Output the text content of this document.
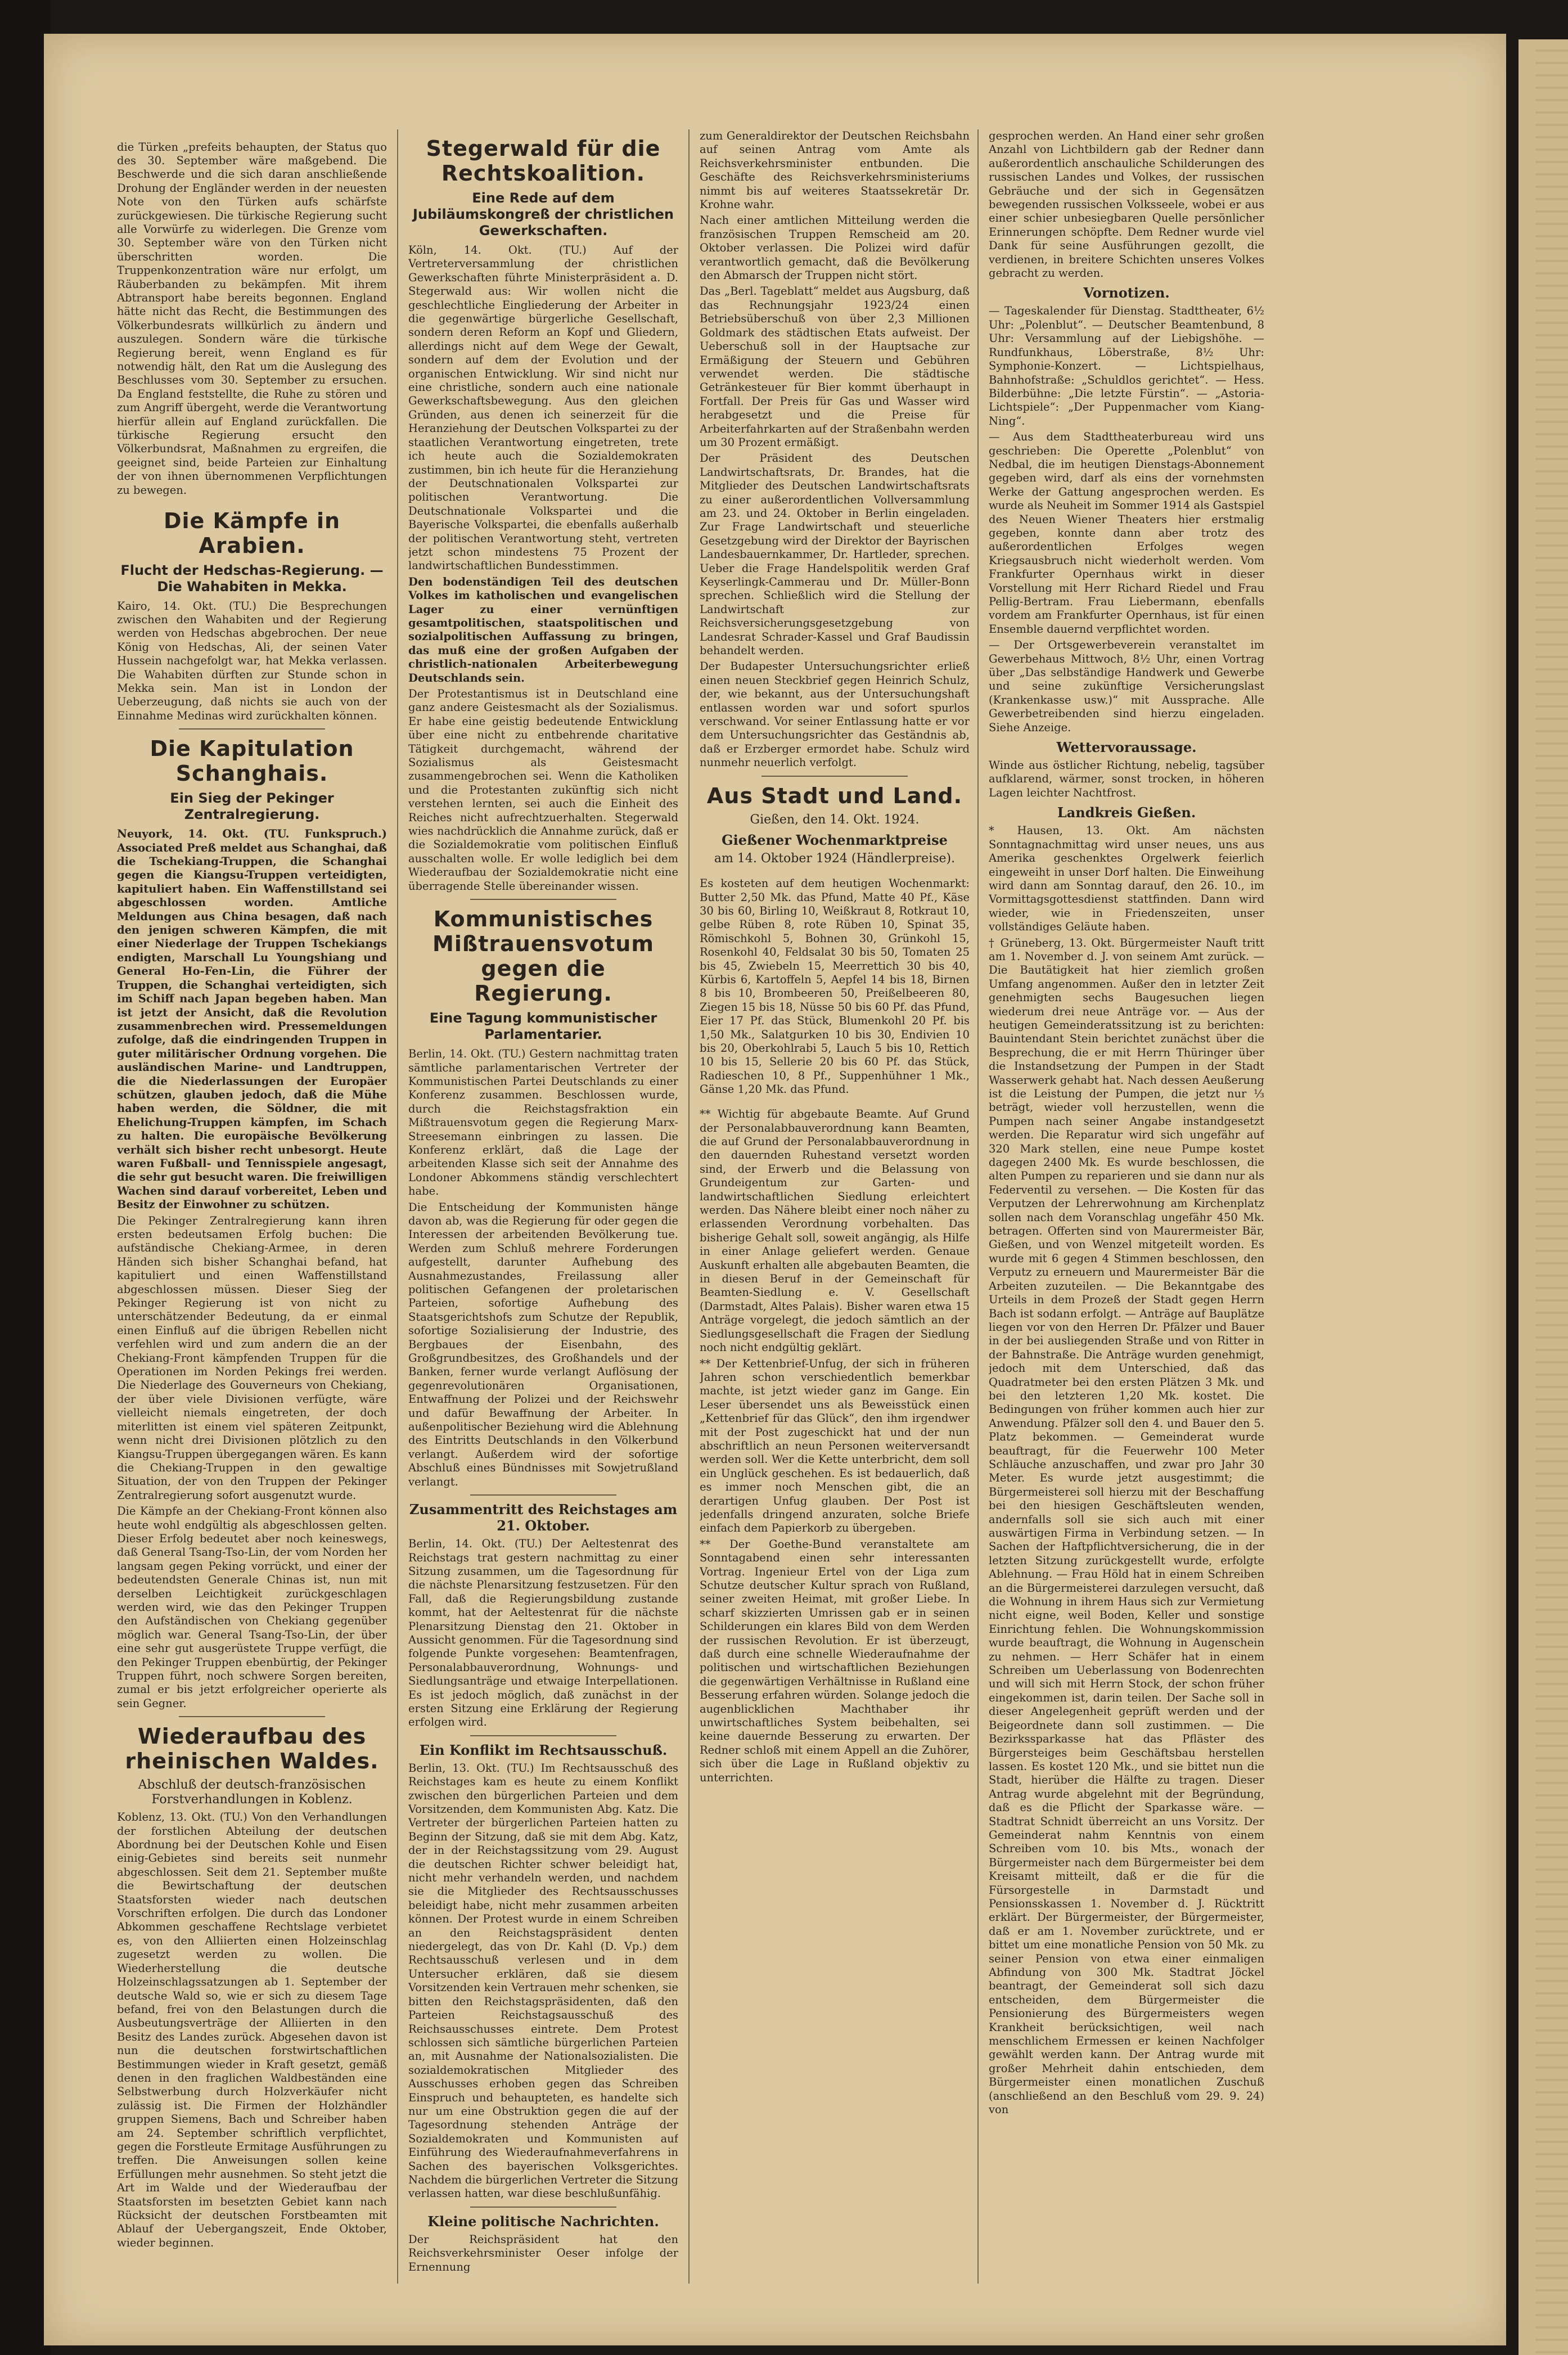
die Türken „prefeits behaupten, der Status quo des 30. September wäre maßgebend. Die Beschwerde und die sich daran anschließende Drohung der Engländer werden in der neuesten Note von den Türken aufs schärfste zurückgewiesen. Die türkische Regierung sucht alle Vorwürfe zu widerlegen. Die Grenze vom 30. September wäre von den Türken nicht überschritten worden. Die Truppenkonzentration wäre nur erfolgt, um Räuberbanden zu bekämpfen. Mit ihrem Abtransport habe bereits begonnen. England hätte nicht das Recht, die Bestimmungen des Völkerbundesrats willkürlich zu ändern und auszulegen. Sondern wäre die türkische Regierung bereit, wenn England es für notwendig hält, den Rat um die Auslegung des Beschlusses vom 30. September zu ersuchen. Da England feststellte, die Ruhe zu stören und zum Angriff übergeht, werde die Verantwortung hierfür allein auf England zurückfallen. Die türkische Regierung ersucht den Völkerbundsrat, Maßnahmen zu ergreifen, die geeignet sind, beide Parteien zur Einhaltung der von ihnen übernommenen Verpflichtungen zu bewegen.

Die Kämpfe in Arabien.
Flucht der Hedschas-Regierung. — Die Wahabiten in Mekka.

Kairo, 14. Okt. (TU.) Die Besprechungen zwischen den Wahabiten und der Regierung werden von Hedschas abgebrochen. Der neue König von Hedschas, Ali, der seinen Vater Hussein nachgefolgt war, hat Mekka verlassen. Die Wahabiten dürften zur Stunde schon in Mekka sein. Man ist in London der Ueberzeugung, daß nichts sie auch von der Einnahme Medinas wird zurückhalten können.

Die Kapitulation Schanghais.
Ein Sieg der Pekinger Zentralregierung.

Neuyork, 14. Okt. (TU. Funkspruch.) Associated Preß meldet aus Schanghai, daß die Tschekiang-Truppen, die Schanghai gegen die Kiangsu-Truppen verteidigten, kapituliert haben. Ein Waffenstillstand sei abgeschlossen worden. Amtliche Meldungen aus China besagen, daß nach den jenigen schweren Kämpfen, die mit einer Niederlage der Truppen Tschekiangs endigten, Marschall Lu Youngshiang und General Ho-Fen-Lin, die Führer der Truppen, die Schanghai verteidigten, sich im Schiff nach Japan begeben haben. Man ist jetzt der Ansicht, daß die Revolution zusammenbrechen wird. Pressemeldungen zufolge, daß die eindringenden Truppen in guter militärischer Ordnung vorgehen. Die ausländischen Marine- und Landtruppen, die die Niederlassungen der Europäer schützen, glauben jedoch, daß die Mühe haben werden, die Söldner, die mit Ehelichung-Truppen kämpfen, im Schach zu halten. Die europäische Bevölkerung verhält sich bisher recht unbesorgt. Heute waren Fußball- und Tennisspiele angesagt, die sehr gut besucht waren. Die freiwilligen Wachen sind darauf vorbereitet, Leben und Besitz der Einwohner zu schützen.

Die Pekinger Zentralregierung kann ihren ersten bedeutsamen Erfolg buchen: Die aufständische Chekiang-Armee, in deren Händen sich bisher Schanghai befand, hat kapituliert und einen Waffenstillstand abgeschlossen müssen. Dieser Sieg der Pekinger Regierung ist von nicht zu unterschätzender Bedeutung, da er einmal einen Einfluß auf die übrigen Rebellen nicht verfehlen wird und zum andern die an der Chekiang-Front kämpfenden Truppen für die Operationen im Norden Pekings frei werden. Die Niederlage des Gouverneurs von Chekiang, der über viele Divisionen verfügte, wäre vielleicht niemals eingetreten, der doch miterlitten ist einem viel späteren Zeitpunkt, wenn nicht drei Divisionen plötzlich zu den Kiangsu-Truppen übergegangen wären. Es kann die Chekiang-Truppen in den gewaltige Situation, der von den Truppen der Pekinger Zentralregierung sofort ausgenutzt wurde.

Die Kämpfe an der Chekiang-Front können also heute wohl endgültig als abgeschlossen gelten. Dieser Erfolg bedeutet aber noch keineswegs, daß General Tsang-Tso-Lin, der vom Norden her langsam gegen Peking vorrückt, und einer der bedeutendsten Generale Chinas ist, nun mit derselben Leichtigkeit zurückgeschlagen werden wird, wie das den Pekinger Truppen den Aufständischen von Chekiang gegenüber möglich war. General Tsang-Tso-Lin, der über eine sehr gut ausgerüstete Truppe verfügt, die den Pekinger Truppen ebenbürtig, der Pekinger Truppen führt, noch schwere Sorgen bereiten, zumal er bis jetzt erfolgreicher operierte als sein Gegner.

Wiederaufbau des rheinischen Waldes.
Abschluß der deutsch-französischen Forstverhandlungen in Koblenz.

Koblenz, 13. Okt. (TU.) Von den Verhandlungen der forstlichen Abteilung der deutschen Abordnung bei der Deutschen Kohle und Eisen einig-Gebietes sind bereits seit nunmehr abgeschlossen. Seit dem 21. September mußte die Bewirtschaftung der deutschen Staatsforsten wieder nach deutschen Vorschriften erfolgen. Die durch das Londoner Abkommen geschaffene Rechtslage verbietet es, von den Alliierten einen Holzeinschlag zugesetzt werden zu wollen. Die Wiederherstellung die deutsche Holzeinschlagssatzungen ab 1. September der deutsche Wald so, wie er sich zu diesem Tage befand, frei von den Belastungen durch die Ausbeutungsverträge der Alliierten in den Besitz des Landes zurück. Abgesehen davon ist nun die deutschen forstwirtschaftlichen Bestimmungen wieder in Kraft gesetzt, gemäß denen in den fraglichen Waldbeständen eine Selbstwerbung durch Holzverkäufer nicht zulässig ist. Die Firmen der Holzhändler gruppen Siemens, Bach und Schreiber haben am 24. September schriftlich verpflichtet, gegen die Forstleute Ermitage Ausführungen zu treffen. Die Anweisungen sollen keine Erfüllungen mehr ausnehmen. So steht jetzt die Art im Walde und der Wiederaufbau der Staatsforsten im besetzten Gebiet kann nach Rücksicht der deutschen Forstbeamten mit Ablauf der Uebergangszeit, Ende Oktober, wieder beginnen.

Stegerwald für die Rechtskoalition.
Eine Rede auf dem Jubiläumskongreß der christlichen Gewerkschaften.

Köln, 14. Okt. (TU.) Auf der Vertreterversammlung der christlichen Gewerkschaften führte Ministerpräsident a. D. Stegerwald aus: Wir wollen nicht die geschlechtliche Eingliederung der Arbeiter in die gegenwärtige bürgerliche Gesellschaft, sondern deren Reform an Kopf und Gliedern, allerdings nicht auf dem Wege der Gewalt, sondern auf dem der Evolution und der organischen Entwicklung. Wir sind nicht nur eine christliche, sondern auch eine nationale Gewerkschaftsbewegung. Aus den gleichen Gründen, aus denen ich seinerzeit für die Heranziehung der Deutschen Volkspartei zu der staatlichen Verantwortung eingetreten, trete ich heute auch die Sozialdemokraten zustimmen, bin ich heute für die Heranziehung der Deutschnationalen Volkspartei zur politischen Verantwortung. Die Deutschnationale Volkspartei und die Bayerische Volkspartei, die ebenfalls außerhalb der politischen Verantwortung steht, vertreten jetzt schon mindestens 75 Prozent der landwirtschaftlichen Bundesstimmen.

Den bodenständigen Teil des deutschen Volkes im katholischen und evangelischen Lager zu einer vernünftigen gesamtpolitischen, staatspolitischen und sozialpolitischen Auffassung zu bringen, das muß eine der großen Aufgaben der christlich-nationalen Arbeiterbewegung Deutschlands sein.

Der Protestantismus ist in Deutschland eine ganz andere Geistesmacht als der Sozialismus. Er habe eine geistig bedeutende Entwicklung über eine nicht zu entbehrende charitative Tätigkeit durchgemacht, während der Sozialismus als Geistesmacht zusammengebrochen sei. Wenn die Katholiken und die Protestanten zukünftig sich nicht verstehen lernten, sei auch die Einheit des Reiches nicht aufrechtzuerhalten. Stegerwald wies nachdrücklich die Annahme zurück, daß er die Sozialdemokratie vom politischen Einfluß ausschalten wolle. Er wolle lediglich bei dem Wiederaufbau der Sozialdemokratie nicht eine überragende Stelle übereinander wissen.

Kommunistisches Mißtrauensvotum gegen die Regierung.
Eine Tagung kommunistischer Parlamentarier.

Berlin, 14. Okt. (TU.) Gestern nachmittag traten sämtliche parlamentarischen Vertreter der Kommunistischen Partei Deutschlands zu einer Konferenz zusammen. Beschlossen wurde, durch die Reichstagsfraktion ein Mißtrauensvotum gegen die Regierung Marx-Streesemann einbringen zu lassen. Die Konferenz erklärt, daß die Lage der arbeitenden Klasse sich seit der Annahme des Londoner Abkommens ständig verschlechtert habe.

Die Entscheidung der Kommunisten hänge davon ab, was die Regierung für oder gegen die Interessen der arbeitenden Bevölkerung tue. Werden zum Schluß mehrere Forderungen aufgestellt, darunter Aufhebung des Ausnahmezustandes, Freilassung aller politischen Gefangenen der proletarischen Parteien, sofortige Aufhebung des Staatsgerichtshofs zum Schutze der Republik, sofortige Sozialisierung der Industrie, des Bergbaues der Eisenbahn, des Großgrundbesitzes, des Großhandels und der Banken, ferner wurde verlangt Auflösung der gegenrevolutionären Organisationen, Entwaffnung der Polizei und der Reichswehr und dafür Bewaffnung der Arbeiter. In außenpolitischer Beziehung wird die Ablehnung des Eintritts Deutschlands in den Völkerbund verlangt. Außerdem wird der sofortige Abschluß eines Bündnisses mit Sowjetrußland verlangt.

Zusammentritt des Reichstages am 21. Oktober.

Berlin, 14. Okt. (TU.) Der Aeltestenrat des Reichstags trat gestern nachmittag zu einer Sitzung zusammen, um die Tagesordnung für die nächste Plenarsitzung festzusetzen. Für den Fall, daß die Regierungsbildung zustande kommt, hat der Aeltestenrat für die nächste Plenarsitzung Dienstag den 21. Oktober in Aussicht genommen. Für die Tagesordnung sind folgende Punkte vorgesehen: Beamtenfragen, Personalabbauverordnung, Wohnungs- und Siedlungsanträge und etwaige Interpellationen. Es ist jedoch möglich, daß zunächst in der ersten Sitzung eine Erklärung der Regierung erfolgen wird.

Ein Konflikt im Rechtsausschuß.

Berlin, 13. Okt. (TU.) Im Rechtsausschuß des Reichstages kam es heute zu einem Konflikt zwischen den bürgerlichen Parteien und dem Vorsitzenden, dem Kommunisten Abg. Katz. Die Vertreter der bürgerlichen Parteien hatten zu Beginn der Sitzung, daß sie mit dem Abg. Katz, der in der Reichstagssitzung vom 29. August die deutschen Richter schwer beleidigt hat, nicht mehr verhandeln werden, und nachdem sie die Mitglieder des Rechtsausschusses beleidigt habe, nicht mehr zusammen arbeiten können. Der Protest wurde in einem Schreiben an den Reichstagspräsident denten niedergelegt, das von Dr. Kahl (D. Vp.) dem Rechtsausschuß verlesen und in dem Untersucher erklären, daß sie diesem Vorsitzenden kein Vertrauen mehr schenken, sie bitten den Reichstagspräsidenten, daß den Parteien Reichstagsausschuß des Reichsausschusses eintrete. Dem Protest schlossen sich sämtliche bürgerlichen Parteien an, mit Ausnahme der Nationalsozialisten. Die sozialdemokratischen Mitglieder des Ausschusses erhoben gegen das Schreiben Einspruch und behaupteten, es handelte sich nur um eine Obstruktion gegen die auf der Tagesordnung stehenden Anträge der Sozialdemokraten und Kommunisten auf Einführung des Wiederaufnahmeverfahrens in Sachen des bayerischen Volksgerichtes. Nachdem die bürgerlichen Vertreter die Sitzung verlassen hatten, war diese beschlußunfähig.

Kleine politische Nachrichten.

Der Reichspräsident hat den Reichsverkehrsminister Oeser infolge der Ernennung

zum Generaldirektor der Deutschen Reichsbahn auf seinen Antrag vom Amte als Reichsverkehrsminister entbunden. Die Geschäfte des Reichsverkehrsministeriums nimmt bis auf weiteres Staatssekretär Dr. Krohne wahr.

Nach einer amtlichen Mitteilung werden die französischen Truppen Remscheid am 20. Oktober verlassen. Die Polizei wird dafür verantwortlich gemacht, daß die Bevölkerung den Abmarsch der Truppen nicht stört.

Das „Berl. Tageblatt“ meldet aus Augsburg, daß das Rechnungsjahr 1923/24 einen Betriebsüberschuß von über 2,3 Millionen Goldmark des städtischen Etats aufweist. Der Ueberschuß soll in der Hauptsache zur Ermäßigung der Steuern und Gebühren verwendet werden. Die städtische Getränkesteuer für Bier kommt überhaupt in Fortfall. Der Preis für Gas und Wasser wird herabgesetzt und die Preise für Arbeiterfahrkarten auf der Straßenbahn werden um 30 Prozent ermäßigt.

Der Präsident des Deutschen Landwirtschaftsrats, Dr. Brandes, hat die Mitglieder des Deutschen Landwirtschaftsrats zu einer außerordentlichen Vollversammlung am 23. und 24. Oktober in Berlin eingeladen. Zur Frage Landwirtschaft und steuerliche Gesetzgebung wird der Direktor der Bayrischen Landesbauernkammer, Dr. Hartleder, sprechen. Ueber die Frage Handelspolitik werden Graf Keyserlingk-Cammerau und Dr. Müller-Bonn sprechen. Schließlich wird die Stellung der Landwirtschaft zur Reichsversicherungsgesetzgebung von Landesrat Schrader-Kassel und Graf Baudissin behandelt werden.

Der Budapester Untersuchungsrichter erließ einen neuen Steckbrief gegen Heinrich Schulz, der, wie bekannt, aus der Untersuchungshaft entlassen worden war und sofort spurlos verschwand. Vor seiner Entlassung hatte er vor dem Untersuchungsrichter das Geständnis ab, daß er Erzberger ermordet habe. Schulz wird nunmehr neuerlich verfolgt.

Aus Stadt und Land.
Gießen, den 14. Okt. 1924.
Gießener Wochenmarktpreise
am 14. Oktober 1924 (Händlerpreise).

Es kosteten auf dem heutigen Wochenmarkt: Butter 2,50 Mk. das Pfund, Matte 40 Pf., Käse 30 bis 60, Birling 10, Weißkraut 8, Rotkraut 10, gelbe Rüben 8, rote Rüben 10, Spinat 35, Römischkohl 5, Bohnen 30, Grünkohl 15, Rosenkohl 40, Feldsalat 30 bis 50, Tomaten 25 bis 45, Zwiebeln 15, Meerrettich 30 bis 40, Kürbis 6, Kartoffeln 5, Aepfel 14 bis 18, Birnen 8 bis 10, Brombeeren 50, Preißelbeeren 80, Ziegen 15 bis 18, Nüsse 50 bis 60 Pf. das Pfund, Eier 17 Pf. das Stück, Blumenkohl 20 Pf. bis 1,50 Mk., Salatgurken 10 bis 30, Endivien 10 bis 20, Oberkohlrabi 5, Lauch 5 bis 10, Rettich 10 bis 15, Sellerie 20 bis 60 Pf. das Stück, Radieschen 10, 8 Pf., Suppenhühner 1 Mk., Gänse 1,20 Mk. das Pfund.

** Wichtig für abgebaute Beamte. Auf Grund der Personalabbauverordnung kann Beamten, die auf Grund der Personalabbauverordnung in den dauernden Ruhestand versetzt worden sind, der Erwerb und die Belassung von Grundeigentum zur Garten- und landwirtschaftlichen Siedlung erleichtert werden. Das Nähere bleibt einer noch näher zu erlassenden Verordnung vorbehalten. Das bisherige Gehalt soll, soweit angängig, als Hilfe in einer Anlage geliefert werden. Genaue Auskunft erhalten alle abgebauten Beamten, die in diesen Beruf in der Gemeinschaft für Beamten-Siedlung e. V. Gesellschaft (Darmstadt, Altes Palais). Bisher waren etwa 15 Anträge vorgelegt, die jedoch sämtlich an der Siedlungsgesellschaft die Fragen der Siedlung noch nicht endgültig geklärt.

** Der Kettenbrief-Unfug, der sich in früheren Jahren schon verschiedentlich bemerkbar machte, ist jetzt wieder ganz im Gange. Ein Leser übersendet uns als Beweisstück einen „Kettenbrief für das Glück“, den ihm irgendwer mit der Post zugeschickt hat und der nun abschriftlich an neun Personen weiterversandt werden soll. Wer die Kette unterbricht, dem soll ein Unglück geschehen. Es ist bedauerlich, daß es immer noch Menschen gibt, die an derartigen Unfug glauben. Der Post ist jedenfalls dringend anzuraten, solche Briefe einfach dem Papierkorb zu übergeben.

** Der Goethe-Bund veranstaltete am Sonntagabend einen sehr interessanten Vortrag. Ingenieur Ertel von der Liga zum Schutze deutscher Kultur sprach von Rußland, seiner zweiten Heimat, mit großer Liebe. In scharf skizzierten Umrissen gab er in seinen Schilderungen ein klares Bild von dem Werden der russischen Revolution. Er ist überzeugt, daß durch eine schnelle Wiederaufnahme der politischen und wirtschaftlichen Beziehungen die gegenwärtigen Verhältnisse in Rußland eine Besserung erfahren würden. Solange jedoch die augenblicklichen Machthaber ihr unwirtschaftliches System beibehalten, sei keine dauernde Besserung zu erwarten. Der Redner schloß mit einem Appell an die Zuhörer, sich über die Lage in Rußland objektiv zu unterrichten.

gesprochen werden. An Hand einer sehr großen Anzahl von Lichtbildern gab der Redner dann außerordentlich anschauliche Schilderungen des russischen Landes und Volkes, der russischen Gebräuche und der sich in Gegensätzen bewegenden russischen Volksseele, wobei er aus einer schier unbesiegbaren Quelle persönlicher Erinnerungen schöpfte. Dem Redner wurde viel Dank für seine Ausführungen gezollt, die verdienen, in breitere Schichten unseres Volkes gebracht zu werden.

Vornotizen.

— Tageskalender für Dienstag. Stadttheater, 6½ Uhr: „Polenblut“. — Deutscher Beamtenbund, 8 Uhr: Versammlung auf der Liebigshöhe. — Rundfunkhaus, Löberstraße, 8½ Uhr: Symphonie-Konzert. — Lichtspielhaus, Bahnhofstraße: „Schuldlos gerichtet“. — Hess. Bilderbühne: „Die letzte Fürstin“. — „Astoria-Lichtspiele“: „Der Puppenmacher vom Kiang-Ning“.

— Aus dem Stadttheaterbureau wird uns geschrieben: Die Operette „Polenblut“ von Nedbal, die im heutigen Dienstags-Abonnement gegeben wird, darf als eins der vornehmsten Werke der Gattung angesprochen werden. Es wurde als Neuheit im Sommer 1914 als Gastspiel des Neuen Wiener Theaters hier erstmalig gegeben, konnte dann aber trotz des außerordentlichen Erfolges wegen Kriegsausbruch nicht wiederholt werden. Vom Frankfurter Opernhaus wirkt in dieser Vorstellung mit Herr Richard Riedel und Frau Pellig-Bertram. Frau Liebermann, ebenfalls vordem am Frankfurter Opernhaus, ist für einen Ensemble dauernd verpflichtet worden.

— Der Ortsgewerbeverein veranstaltet im Gewerbehaus Mittwoch, 8½ Uhr, einen Vortrag über „Das selbständige Handwerk und Gewerbe und seine zukünftige Versicherungslast (Krankenkasse usw.)“ mit Aussprache. Alle Gewerbetreibenden sind hierzu eingeladen. Siehe Anzeige.

Wettervoraussage.

Winde aus östlicher Richtung, nebelig, tagsüber aufklarend, wärmer, sonst trocken, in höheren Lagen leichter Nachtfrost.

Landkreis Gießen.

* Hausen, 13. Okt. Am nächsten Sonntagnachmittag wird unser neues, uns aus Amerika geschenktes Orgelwerk feierlich eingeweiht in unser Dorf halten. Die Einweihung wird dann am Sonntag darauf, den 26. 10., im Vormittagsgottesdienst stattfinden. Dann wird wieder, wie in Friedenszeiten, unser vollständiges Geläute haben.

† Grüneberg, 13. Okt. Bürgermeister Nauft tritt am 1. November d. J. von seinem Amt zurück. — Die Bautätigkeit hat hier ziemlich großen Umfang angenommen. Außer den in letzter Zeit genehmigten sechs Baugesuchen liegen wiederum drei neue Anträge vor. — Aus der heutigen Gemeinderatssitzung ist zu berichten: Bauintendant Stein berichtet zunächst über die Besprechung, die er mit Herrn Thüringer über die Instandsetzung der Pumpen in der Stadt Wasserwerk gehabt hat. Nach dessen Aeußerung ist die Leistung der Pumpen, die jetzt nur ⅓ beträgt, wieder voll herzustellen, wenn die Pumpen nach seiner Angabe instandgesetzt werden. Die Reparatur wird sich ungefähr auf 320 Mark stellen, eine neue Pumpe kostet dagegen 2400 Mk. Es wurde beschlossen, die alten Pumpen zu reparieren und sie dann nur als Federventil zu versehen. — Die Kosten für das Verputzen der Lehrerwohnung am Kirchenplatz sollen nach dem Voranschlag ungefähr 450 Mk. betragen. Offerten sind von Maurermeister Bär, Gießen, und von Wenzel mitgeteilt worden. Es wurde mit 6 gegen 4 Stimmen beschlossen, den Verputz zu erneuern und Maurermeister Bär die Arbeiten zuzuteilen. — Die Bekanntgabe des Urteils in dem Prozeß der Stadt gegen Herrn Bach ist sodann erfolgt. — Anträge auf Bauplätze liegen vor von den Herren Dr. Pfälzer und Bauer in der bei ausliegenden Straße und von Ritter in der Bahnstraße. Die Anträge wurden genehmigt, jedoch mit dem Unterschied, daß das Quadratmeter bei den ersten Plätzen 3 Mk. und bei den letzteren 1,20 Mk. kostet. Die Bedingungen von früher kommen auch hier zur Anwendung. Pfälzer soll den 4. und Bauer den 5. Platz bekommen. — Gemeinderat wurde beauftragt, für die Feuerwehr 100 Meter Schläuche anzuschaffen, und zwar pro Jahr 30 Meter. Es wurde jetzt ausgestimmt; die Bürgermeisterei soll hierzu mit der Beschaffung bei den hiesigen Geschäftsleuten wenden, andernfalls soll sie sich auch mit einer auswärtigen Firma in Verbindung setzen. — In Sachen der Haftpflichtversicherung, die in der letzten Sitzung zurückgestellt wurde, erfolgte Ablehnung. — Frau Höld hat in einem Schreiben an die Bürgermeisterei darzulegen versucht, daß die Wohnung in ihrem Haus sich zur Vermietung nicht eigne, weil Boden, Keller und sonstige Einrichtung fehlen. Die Wohnungskommission wurde beauftragt, die Wohnung in Augenschein zu nehmen. — Herr Schäfer hat in einem Schreiben um Ueberlassung von Bodenrechten und will sich mit Herrn Stock, der schon früher eingekommen ist, darin teilen. Der Sache soll in dieser Angelegenheit geprüft werden und der Beigeordnete dann soll zustimmen. — Die Bezirkssparkasse hat das Pfläster des Bürgersteiges beim Geschäftsbau herstellen lassen. Es kostet 120 Mk., und sie bittet nun die Stadt, hierüber die Hälfte zu tragen. Dieser Antrag wurde abgelehnt mit der Begründung, daß es die Pflicht der Sparkasse wäre. — Stadtrat Schnidt überreicht an uns Vorsitz. Der Gemeinderat nahm Kenntnis von einem Schreiben vom 10. bis Mts., wonach der Bürgermeister nach dem Bürgermeister bei dem Kreisamt mitteilt, daß er die für die Fürsorgestelle in Darmstadt und Pensionsskassen 1. November d. J. Rücktritt erklärt. Der Bürgermeister, der Bürgermeister, daß er am 1. November zurücktrete, und er bittet um eine monatliche Pension von 50 Mk. zu seiner Pension von etwa einer einmaligen Abfindung von 300 Mk. Stadtrat Jöckel beantragt, der Gemeinderat soll sich dazu entscheiden, dem Bürgermeister die Pensionierung des Bürgermeisters wegen Krankheit berücksichtigen, weil nach menschlichem Ermessen er keinen Nachfolger gewählt werden kann. Der Antrag wurde mit großer Mehrheit dahin entschieden, dem Bürgermeister einen monatlichen Zuschuß (anschließend an den Beschluß vom 29. 9. 24) von
